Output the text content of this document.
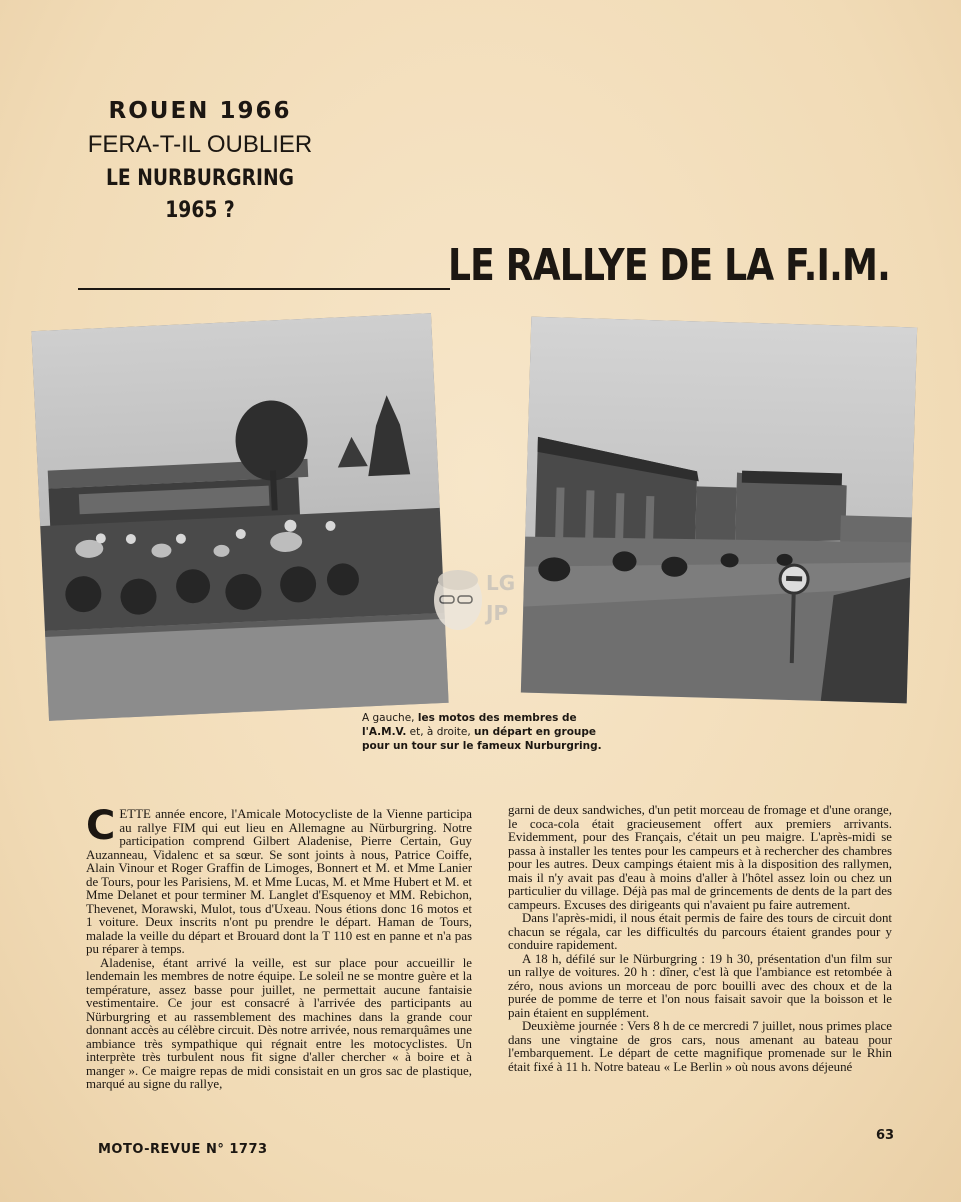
ROUEN 1966
FERA-T-IL OUBLIER
LE NURBURGRING
1965 ?
LE RALLYE DE LA F.I.M.
LG
JP
A gauche, les motos des membres de l'A.M.V. et, à droite, un départ en groupe pour un tour sur le fameux Nurburgring.

CETTE année encore, l'Amicale Motocycliste de la Vienne participa au rallye FIM qui eut lieu en Allemagne au Nürburgring. Notre participation comprend Gilbert Aladenise, Pierre Certain, Guy Auzanneau, Vidalenc et sa sœur. Se sont joints à nous, Patrice Coiffe, Alain Vinour et Roger Graffin de Limoges, Bonnert et M. et Mme Lanier de Tours, pour les Parisiens, M. et Mme Lucas, M. et Mme Hubert et M. et Mme Delanet et pour terminer M. Langlet d'Esquenoy et MM. Rebichon, Thevenet, Morawski, Mulot, tous d'Uxeau. Nous étions donc 16 motos et 1 voiture. Deux inscrits n'ont pu prendre le départ. Haman de Tours, malade la veille du départ et Brouard dont la T 110 est en panne et n'a pas pu réparer à temps.

Aladenise, étant arrivé la veille, est sur place pour accueillir le lendemain les membres de notre équipe. Le soleil ne se montre guère et la température, assez basse pour juillet, ne permettait aucune fantaisie vestimentaire. Ce jour est consacré à l'arrivée des participants au Nürburgring et au rassemblement des machines dans la grande cour donnant accès au célèbre circuit. Dès notre arrivée, nous remarquâmes une ambiance très sympathique qui régnait entre les motocyclistes. Un interprète très turbulent nous fit signe d'aller chercher « à boire et à manger ». Ce maigre repas de midi consistait en un gros sac de plastique, marqué au signe du rallye,

garni de deux sandwiches, d'un petit morceau de fromage et d'une orange, le coca-cola était gracieusement offert aux premiers arrivants. Evidemment, pour des Français, c'était un peu maigre. L'après-midi se passa à installer les tentes pour les campeurs et à rechercher des chambres pour les autres. Deux campings étaient mis à la disposition des rallymen, mais il n'y avait pas d'eau à moins d'aller à l'hôtel assez loin ou chez un particulier du village. Déjà pas mal de grincements de dents de la part des campeurs. Excuses des dirigeants qui n'avaient pu faire autrement.

Dans l'après-midi, il nous était permis de faire des tours de circuit dont chacun se régala, car les difficultés du parcours étaient grandes pour y conduire rapidement.

A 18 h, défilé sur le Nürburgring : 19 h 30, présentation d'un film sur un rallye de voitures. 20 h : dîner, c'est là que l'ambiance est retombée à zéro, nous avions un morceau de porc bouilli avec des choux et de la purée de pomme de terre et l'on nous faisait savoir que la boisson et le pain étaient en supplément.

Deuxième journée : Vers 8 h de ce mercredi 7 juillet, nous primes place dans une vingtaine de gros cars, nous amenant au bateau pour l'embarquement. Le départ de cette magnifique promenade sur le Rhin était fixé à 11 h. Notre bateau « Le Berlin » où nous avons déjeuné

MOTO-REVUE N° 1773
63
